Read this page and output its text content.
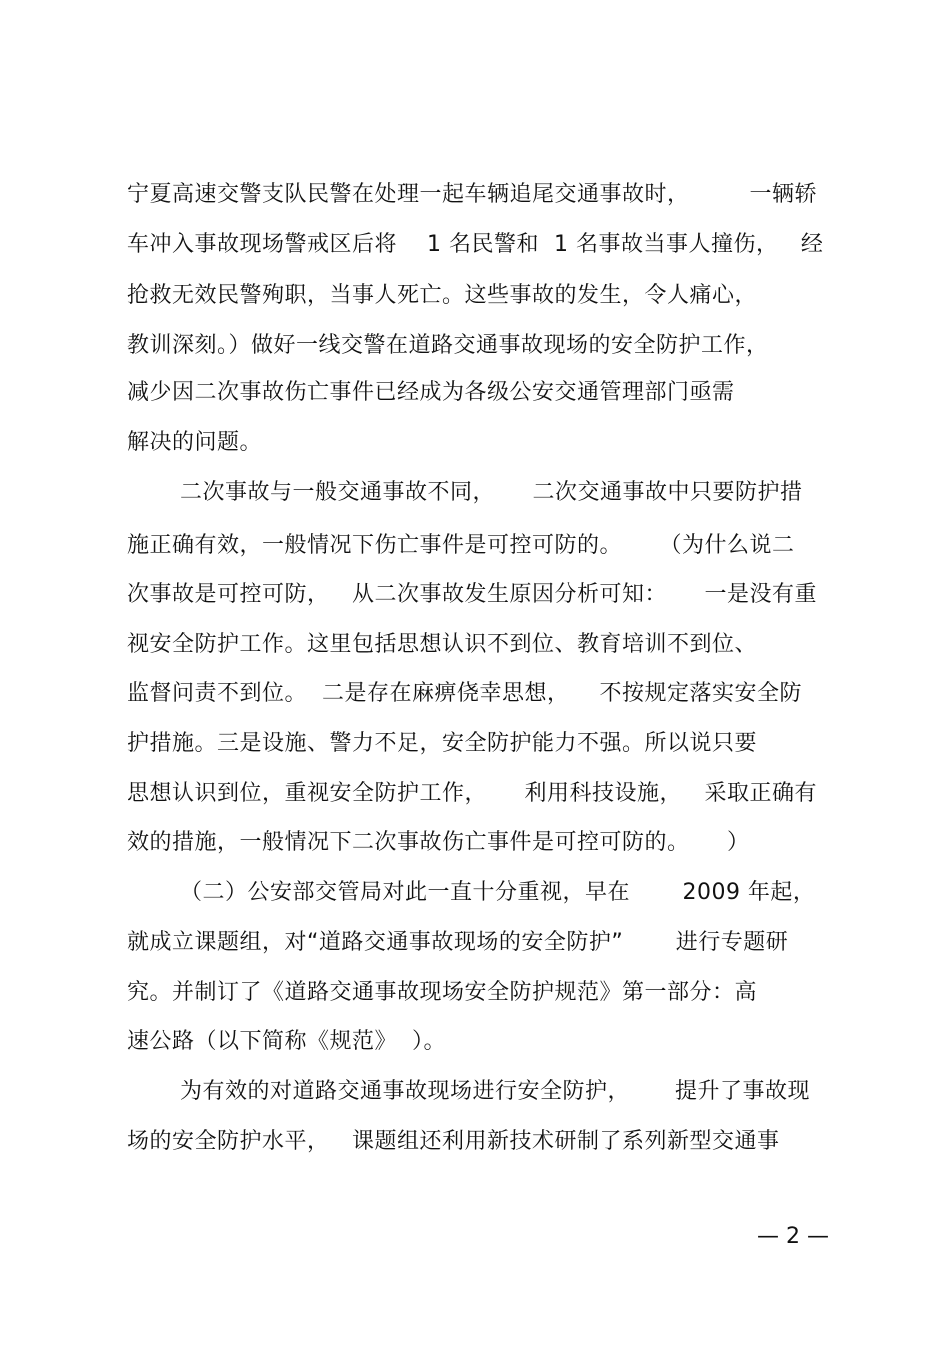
宁夏高速交警支队民警在处理一起车辆追尾交通事故时，        一辆轿
车冲入事故现场警戒区后将    1 名民警和  1 名事故当事人撞伤，   经
抢救无效民警殉职，当事人死亡。这些事故的发生，令人痛心，
教训深刻。）做好一线交警在道路交通事故现场的安全防护工作，
减少因二次事故伤亡事件已经成为各级公安交通管理部门亟需
解决的问题。
二次事故与一般交通事故不同，     二次交通事故中只要防护措
施正确有效，一般情况下伤亡事件是可控可防的。     （为什么说二
次事故是可控可防，   从二次事故发生原因分析可知：     一是没有重
视安全防护工作。这里包括思想认识不到位、教育培训不到位、
监督问责不到位。  二是存在麻痹侥幸思想，    不按规定落实安全防
护措施。三是设施、警力不足，安全防护能力不强。所以说只要
思想认识到位，重视安全防护工作，     利用科技设施，   采取正确有
效的措施，一般情况下二次事故伤亡事件是可控可防的。     ）
（二）公安部交管局对此一直十分重视，早在       2009 年起，
就成立课题组，对“道路交通事故现场的安全防护”       进行专题研
究。并制订了《道路交通事故现场安全防护规范》第一部分：高
速公路（以下简称《规范》  ）。
为有效的对道路交通事故现场进行安全防护，      提升了事故现
场的安全防护水平，   课题组还利用新技术研制了系列新型交通事
— 2 —
